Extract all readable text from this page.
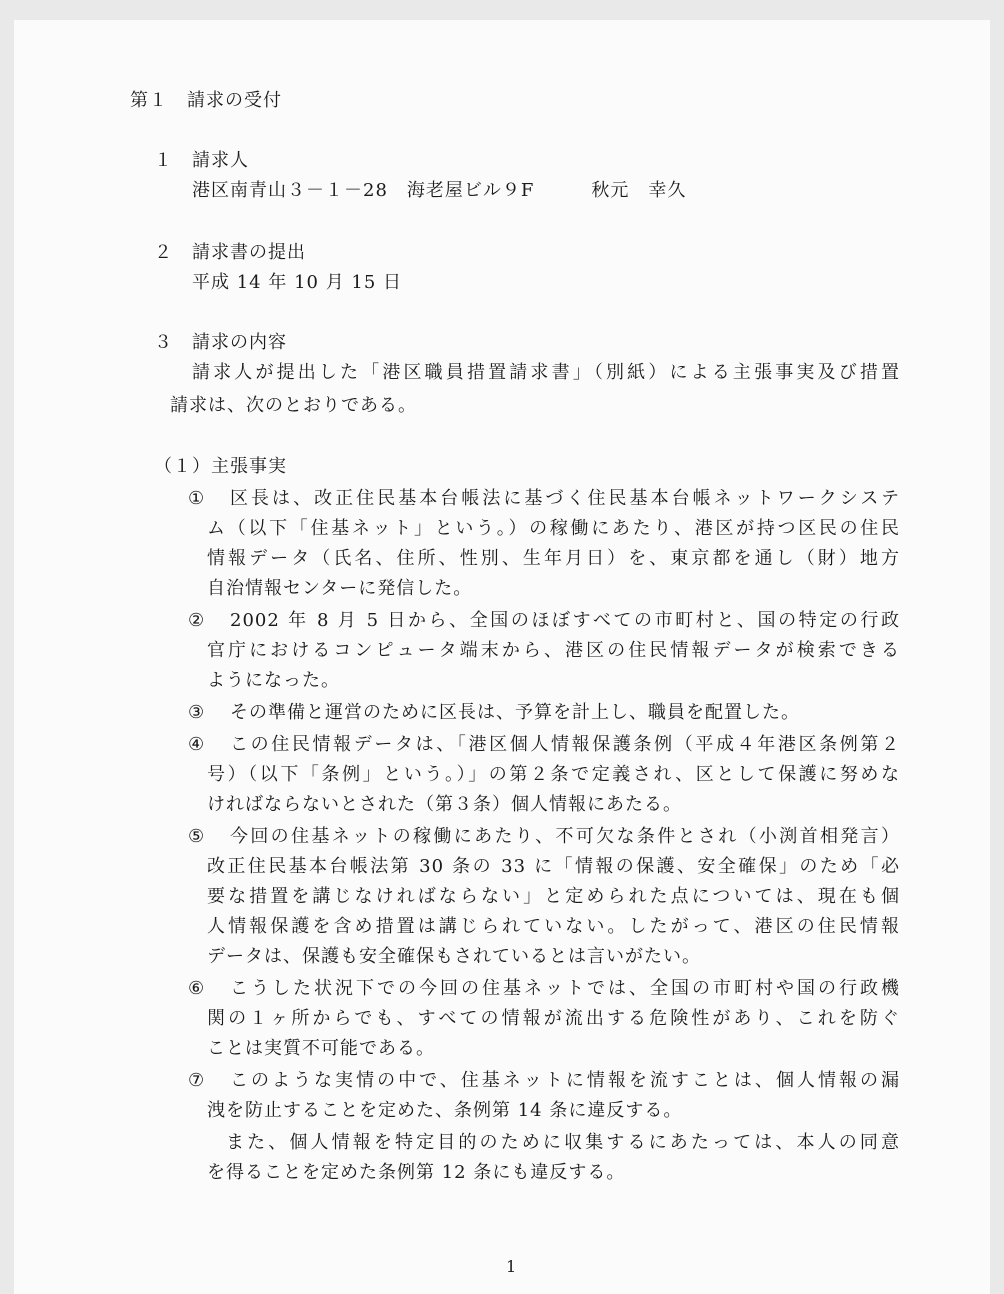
第１　請求の受付
１　請求人
港区南青山３－１－28　海老屋ビル９F　　　秋元　幸久
２　請求書の提出
平成 14 年 10 月 15 日
３　請求の内容
請求人が提出した「港区職員措置請求書」（別紙）による主張事実及び措置
請求は、次のとおりである。
（１）主張事実
① 区長は、改正住民基本台帳法に基づく住民基本台帳ネットワークシステ
ム（以下「住基ネット」という。）の稼働にあたり、港区が持つ区民の住民
情報データ（氏名、住所、性別、生年月日）を、東京都を通し（財）地方
自治情報センターに発信した。
② 2002 年 8 月 5 日から、全国のほぼすべての市町村と、国の特定の行政
官庁におけるコンピュータ端末から、港区の住民情報データが検索できる
ようになった。
③ その準備と運営のために区長は、予算を計上し、職員を配置した。
④ この住民情報データは、「港区個人情報保護条例（平成４年港区条例第２
号）（以下「条例」という。）」の第２条で定義され、区として保護に努めな
ければならないとされた（第３条）個人情報にあたる。
⑤ 今回の住基ネットの稼働にあたり、不可欠な条件とされ（小渕首相発言）
改正住民基本台帳法第 30 条の 33 に「情報の保護、安全確保」のため「必
要な措置を講じなければならない」と定められた点については、現在も個
人情報保護を含め措置は講じられていない。したがって、港区の住民情報
データは、保護も安全確保もされているとは言いがたい。
⑥ こうした状況下での今回の住基ネットでは、全国の市町村や国の行政機
関の１ヶ所からでも、すべての情報が流出する危険性があり、これを防ぐ
ことは実質不可能である。
⑦ このような実情の中で、住基ネットに情報を流すことは、個人情報の漏
洩を防止することを定めた、条例第 14 条に違反する。
また、個人情報を特定目的のために収集するにあたっては、本人の同意
を得ることを定めた条例第 12 条にも違反する。
1
